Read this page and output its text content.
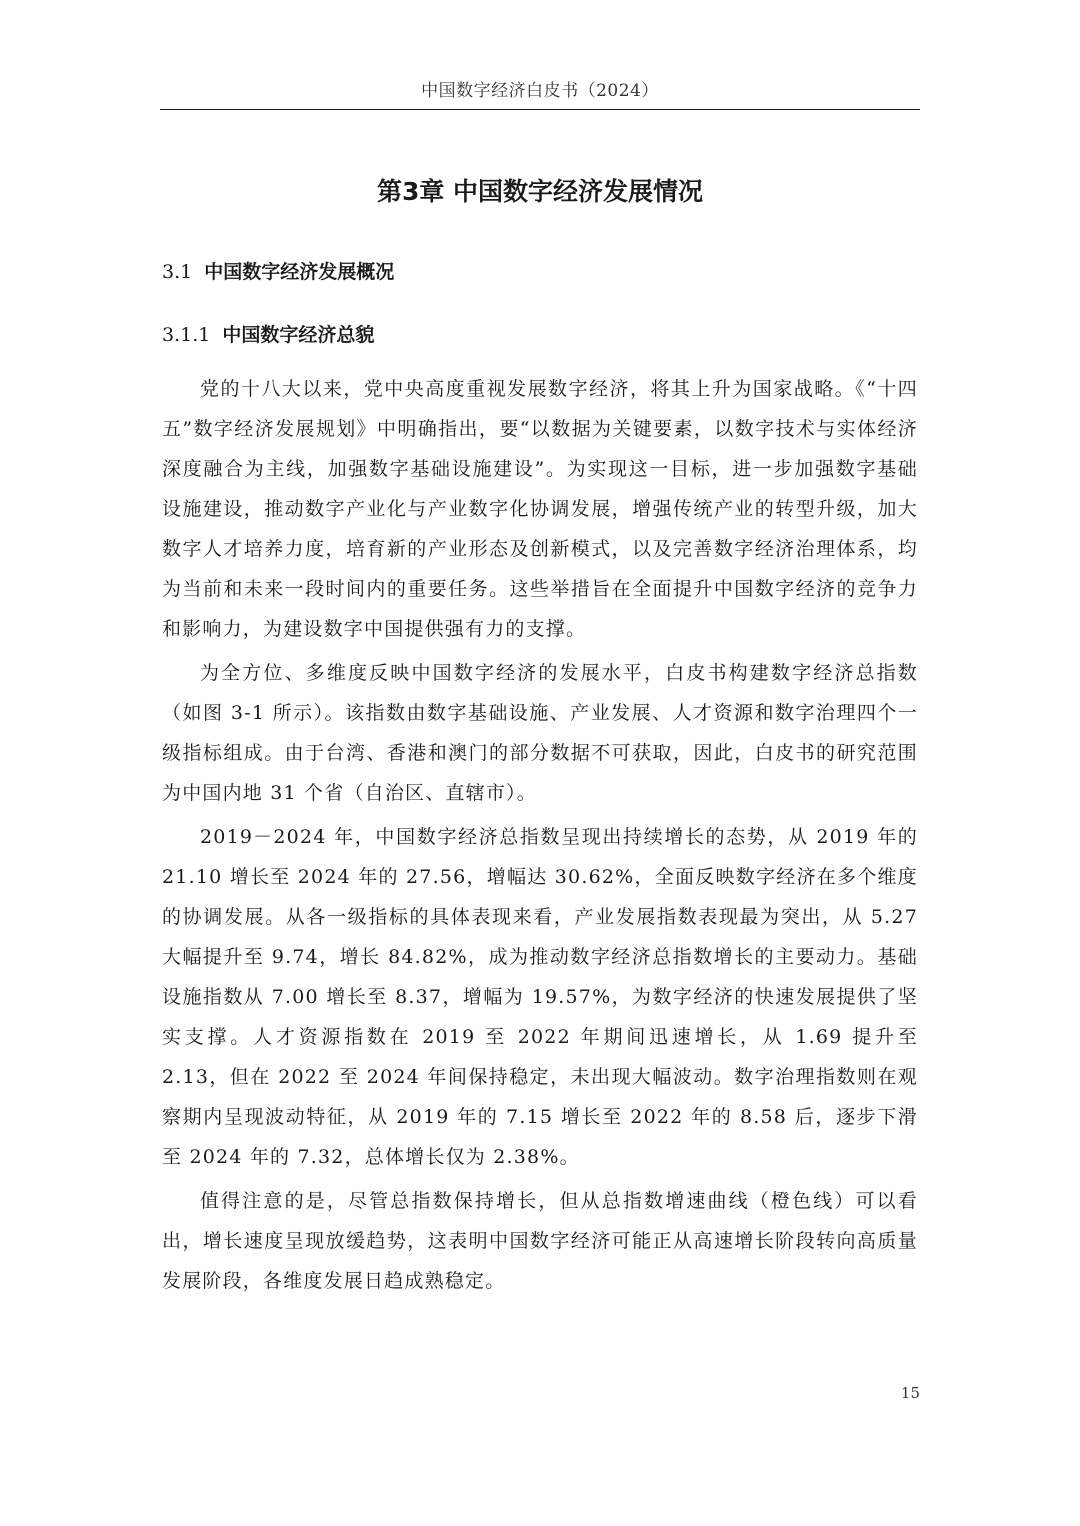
中国数字经济白皮书（2024）
第3章 中国数字经济发展情况
3.1 中国数字经济发展概况
3.1.1 中国数字经济总貌

党的十八大以来，党中央高度重视发展数字经济，将其上升为国家战略。《“十四五”数字经济发展规划》中明确指出，要“以数据为关键要素，以数字技术与实体经济深度融合为主线，加强数字基础设施建设”。为实现这一目标，进一步加强数字基础设施建设，推动数字产业化与产业数字化协调发展，增强传统产业的转型升级，加大数字人才培养力度，培育新的产业形态及创新模式，以及完善数字经济治理体系，均为当前和未来一段时间内的重要任务。这些举措旨在全面提升中国数字经济的竞争力和影响力，为建设数字中国提供强有力的支撑。

为全方位、多维度反映中国数字经济的发展水平，白皮书构建数字经济总指数（如图 3-1 所示）。该指数由数字基础设施、产业发展、人才资源和数字治理四个一级指标组成。由于台湾、香港和澳门的部分数据不可获取，因此，白皮书的研究范围为中国内地 31 个省（自治区、直辖市）。

2019－2024 年，中国数字经济总指数呈现出持续增长的态势，从 2019 年的 21.10 增长至 2024 年的 27.56，增幅达 30.62%，全面反映数字经济在多个维度的协调发展。从各一级指标的具体表现来看，产业发展指数表现最为突出，从 5.27 大幅提升至 9.74，增长 84.82%，成为推动数字经济总指数增长的主要动力。基础设施指数从 7.00 增长至 8.37，增幅为 19.57%，为数字经济的快速发展提供了坚实支撑。人才资源指数在 2019 至 2022 年期间迅速增长，从 1.69 提升至 2.13，但在 2022 至 2024 年间保持稳定，未出现大幅波动。数字治理指数则在观察期内呈现波动特征，从 2019 年的 7.15 增长至 2022 年的 8.58 后，逐步下滑至 2024 年的 7.32，总体增长仅为 2.38%。

值得注意的是，尽管总指数保持增长，但从总指数增速曲线（橙色线）可以看出，增长速度呈现放缓趋势，这表明中国数字经济可能正从高速增长阶段转向高质量发展阶段，各维度发展日趋成熟稳定。

15
